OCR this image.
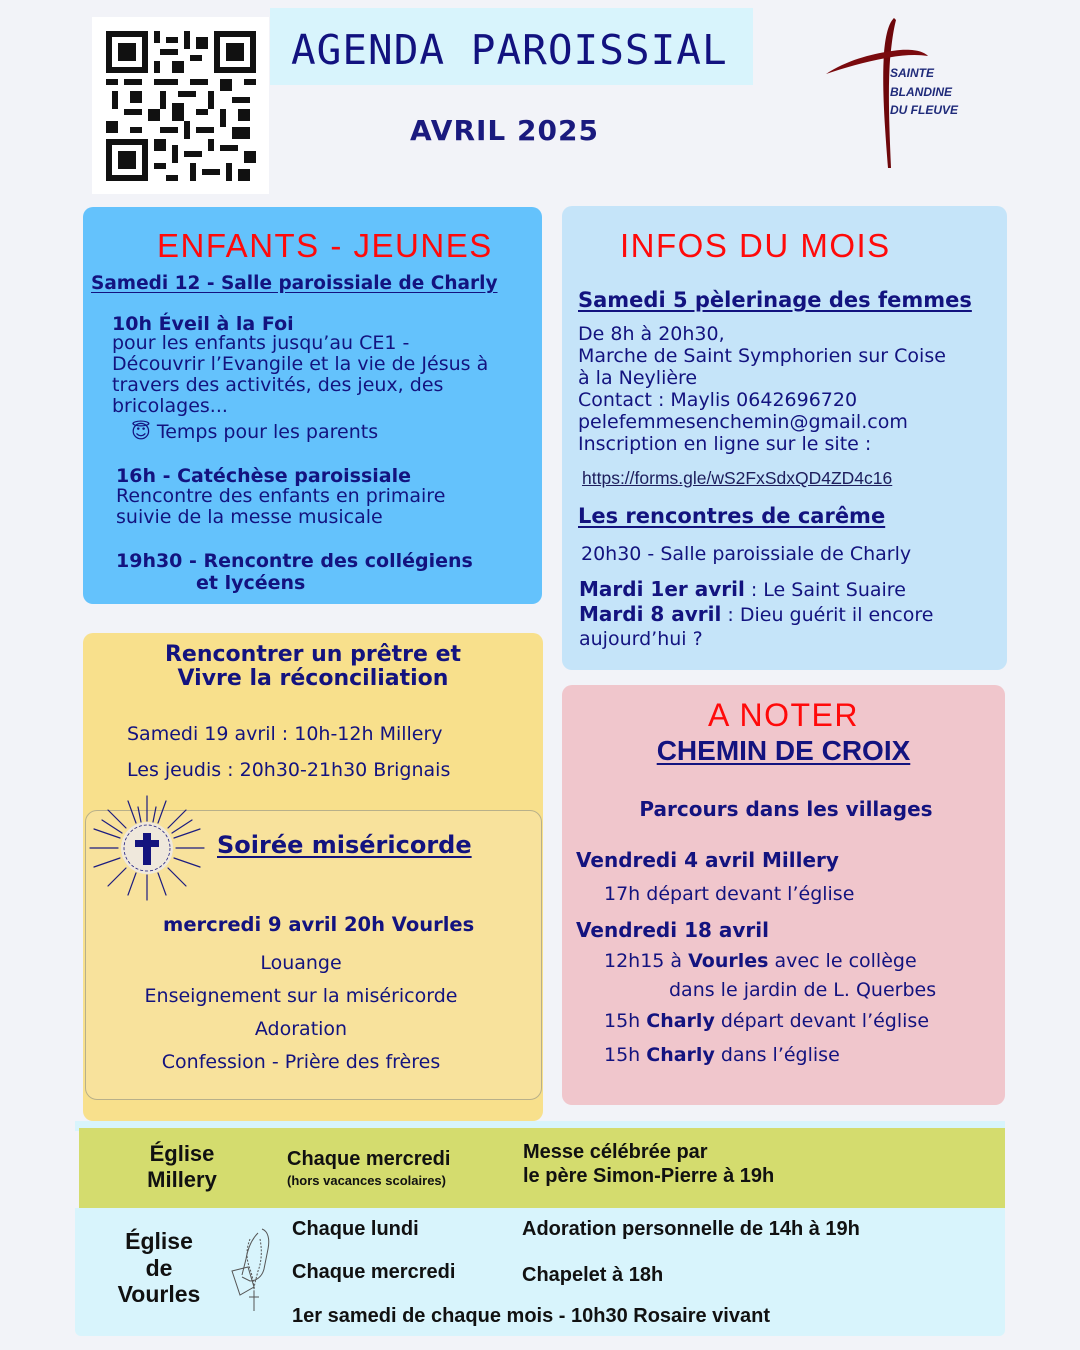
AGENDA PAROISSIAL
AVRIL 2025
SAINTE
BLANDINE
DU FLEUVE
ENFANTS - JEUNES
Samedi 12 - Salle paroissiale de Charly
10h Éveil à la Foi
pour les enfants jusqu’au CE1 -
Découvrir l’Evangile et la vie de Jésus à
travers des activités, des jeux, des
bricolages...
😇 Temps pour les parents
16h - Catéchèse paroissiale
Rencontre des enfants en primaire
suivie de la messe musicale
19h30 - Rencontre des collégiens
et lycéens
INFOS DU MOIS
Samedi 5 pèlerinage des femmes
De 8h à 20h30,
Marche de Saint Symphorien sur Coise
à la Neylière
Contact : Maylis 0642696720
pelefemmesenchemin@gmail.com
Inscription en ligne sur le site :
https://forms.gle/wS2FxSdxQD4ZD4c16
Les rencontres de carême
20h30 - Salle paroissiale de Charly
Mardi 1er avril : Le Saint Suaire
Mardi 8 avril : Dieu guérit il encore
aujourd’hui ?
Rencontrer un prêtre et
Vivre la réconciliation
Samedi 19 avril : 10h-12h Millery
Les jeudis : 20h30-21h30 Brignais
Soirée miséricorde
mercredi 9 avril 20h Vourles
Louange
Enseignement sur la miséricorde
Adoration
Confession - Prière des frères
A NOTER
CHEMIN DE CROIX
Parcours dans les villages
Vendredi 4 avril Millery
17h départ devant l’église
Vendredi 18 avril
12h15 à Vourles avec le collège
dans le jardin de L. Querbes
15h Charly départ devant l’église
15h Charly dans l’église
Église
Millery
Chaque mercredi
(hors vacances scolaires)
Messe célébrée par
le père Simon-Pierre à 19h
Église
de
Vourles
Chaque lundi	Adoration personnelle de 14h à 19h
Chaque mercredi	Chapelet à 18h
1er samedi de chaque mois - 10h30 Rosaire vivant
